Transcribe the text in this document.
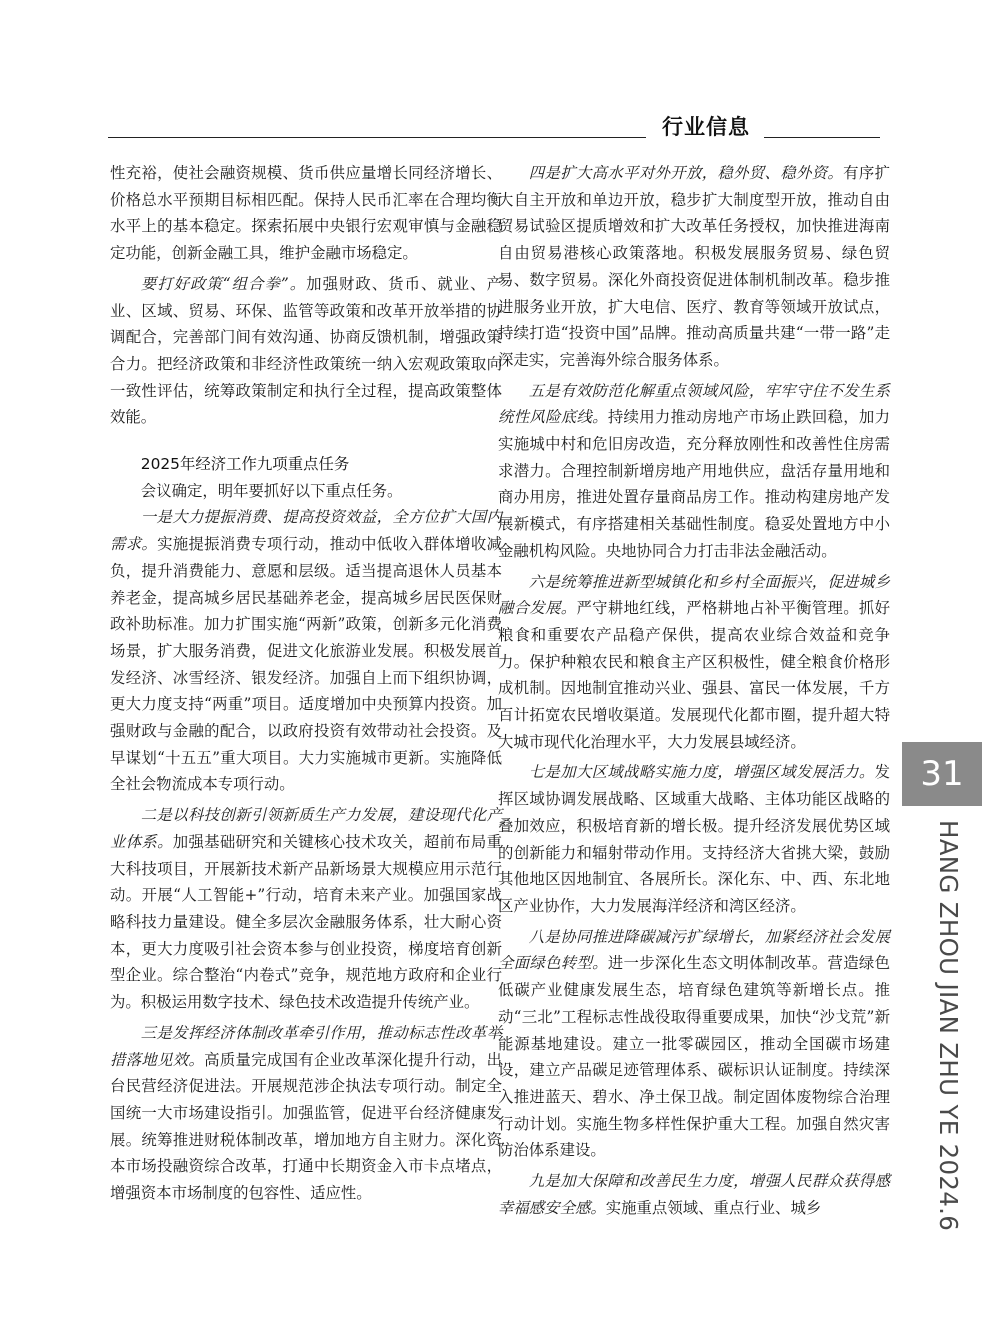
行业信息

性充裕，使社会融资规模、货币供应量增长同经济增长、价格总水平预期目标相匹配。保持人民币汇率在合理均衡水平上的基本稳定。探索拓展中央银行宏观审慎与金融稳定功能，创新金融工具，维护金融市场稳定。

要打好政策“组合拳”。加强财政、货币、就业、产业、区域、贸易、环保、监管等政策和改革开放举措的协调配合，完善部门间有效沟通、协商反馈机制，增强政策合力。把经济政策和非经济性政策统一纳入宏观政策取向一致性评估，统筹政策制定和执行全过程，提高政策整体效能。

2025年经济工作九项重点任务

会议确定，明年要抓好以下重点任务。

一是大力提振消费、提高投资效益，全方位扩大国内需求。实施提振消费专项行动，推动中低收入群体增收减负，提升消费能力、意愿和层级。适当提高退休人员基本养老金，提高城乡居民基础养老金，提高城乡居民医保财政补助标准。加力扩围实施“两新”政策，创新多元化消费场景，扩大服务消费，促进文化旅游业发展。积极发展首发经济、冰雪经济、银发经济。加强自上而下组织协调，更大力度支持“两重”项目。适度增加中央预算内投资。加强财政与金融的配合，以政府投资有效带动社会投资。及早谋划“十五五”重大项目。大力实施城市更新。实施降低全社会物流成本专项行动。

二是以科技创新引领新质生产力发展，建设现代化产业体系。加强基础研究和关键核心技术攻关，超前布局重大科技项目，开展新技术新产品新场景大规模应用示范行动。开展“人工智能+”行动，培育未来产业。加强国家战略科技力量建设。健全多层次金融服务体系，壮大耐心资本，更大力度吸引社会资本参与创业投资，梯度培育创新型企业。综合整治“内卷式”竞争，规范地方政府和企业行为。积极运用数字技术、绿色技术改造提升传统产业。

三是发挥经济体制改革牵引作用，推动标志性改革举措落地见效。高质量完成国有企业改革深化提升行动，出台民营经济促进法。开展规范涉企执法专项行动。制定全国统一大市场建设指引。加强监管，促进平台经济健康发展。统筹推进财税体制改革，增加地方自主财力。深化资本市场投融资综合改革，打通中长期资金入市卡点堵点，增强资本市场制度的包容性、适应性。

四是扩大高水平对外开放，稳外贸、稳外资。有序扩大自主开放和单边开放，稳步扩大制度型开放，推动自由贸易试验区提质增效和扩大改革任务授权，加快推进海南自由贸易港核心政策落地。积极发展服务贸易、绿色贸易、数字贸易。深化外商投资促进体制机制改革。稳步推进服务业开放，扩大电信、医疗、教育等领域开放试点，持续打造“投资中国”品牌。推动高质量共建“一带一路”走深走实，完善海外综合服务体系。

五是有效防范化解重点领域风险，牢牢守住不发生系统性风险底线。持续用力推动房地产市场止跌回稳，加力实施城中村和危旧房改造，充分释放刚性和改善性住房需求潜力。合理控制新增房地产用地供应，盘活存量用地和商办用房，推进处置存量商品房工作。推动构建房地产发展新模式，有序搭建相关基础性制度。稳妥处置地方中小金融机构风险。央地协同合力打击非法金融活动。

六是统筹推进新型城镇化和乡村全面振兴，促进城乡融合发展。严守耕地红线，严格耕地占补平衡管理。抓好粮食和重要农产品稳产保供，提高农业综合效益和竞争力。保护种粮农民和粮食主产区积极性，健全粮食价格形成机制。因地制宜推动兴业、强县、富民一体发展，千方百计拓宽农民增收渠道。发展现代化都市圈，提升超大特大城市现代化治理水平，大力发展县域经济。

七是加大区域战略实施力度，增强区域发展活力。发挥区域协调发展战略、区域重大战略、主体功能区战略的叠加效应，积极培育新的增长极。提升经济发展优势区域的创新能力和辐射带动作用。支持经济大省挑大梁，鼓励其他地区因地制宜、各展所长。深化东、中、西、东北地区产业协作，大力发展海洋经济和湾区经济。

八是协同推进降碳减污扩绿增长，加紧经济社会发展全面绿色转型。进一步深化生态文明体制改革。营造绿色低碳产业健康发展生态，培育绿色建筑等新增长点。推动“三北”工程标志性战役取得重要成果，加快“沙戈荒”新能源基地建设。建立一批零碳园区，推动全国碳市场建设，建立产品碳足迹管理体系、碳标识认证制度。持续深入推进蓝天、碧水、净土保卫战。制定固体废物综合治理行动计划。实施生物多样性保护重大工程。加强自然灾害防治体系建设。

九是加大保障和改善民生力度，增强人民群众获得感幸福感安全感。实施重点领域、重点行业、城乡

31
HANG ZHOU JIAN ZHU YE 2024.6
